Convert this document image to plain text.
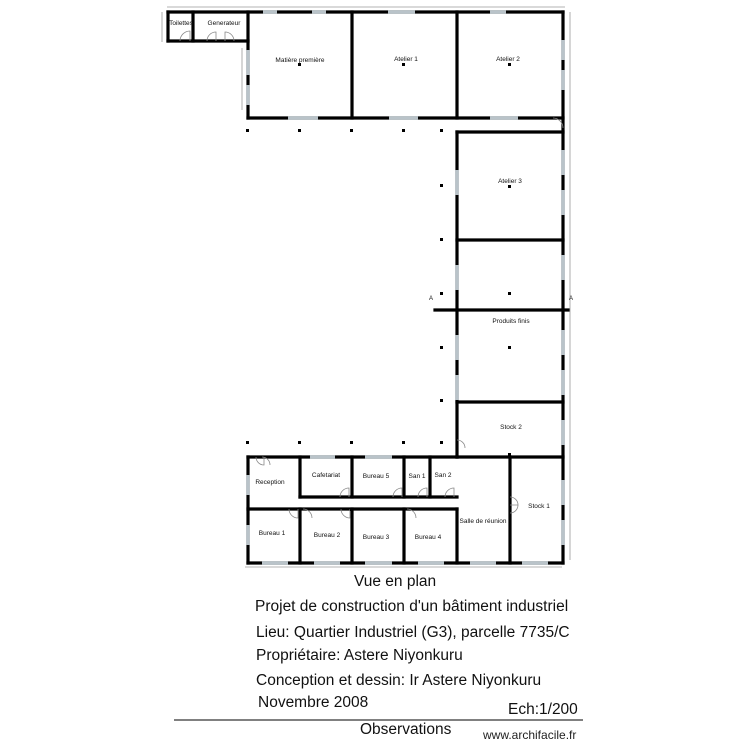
Toilettes Generateur
Matière première	Atelier 1	Atelier 2
Atelier 3
Produits finis
Stock 2
Stock 1
Salle de réunion
Reception
Cafetariat	Bureau 5	San 1 San 2
Bureau 1	Bureau 2	Bureau 3	Bureau 4
A	A
Vue en plan
Projet de construction d'un bâtiment industriel
Lieu: Quartier Industriel (G3), parcelle 7735/C
Propriétaire: Astere Niyonkuru
Conception et dessin: Ir Astere Niyonkuru
Novembre 2008	Ech:1/200
Observations	www.archifacile.fr
